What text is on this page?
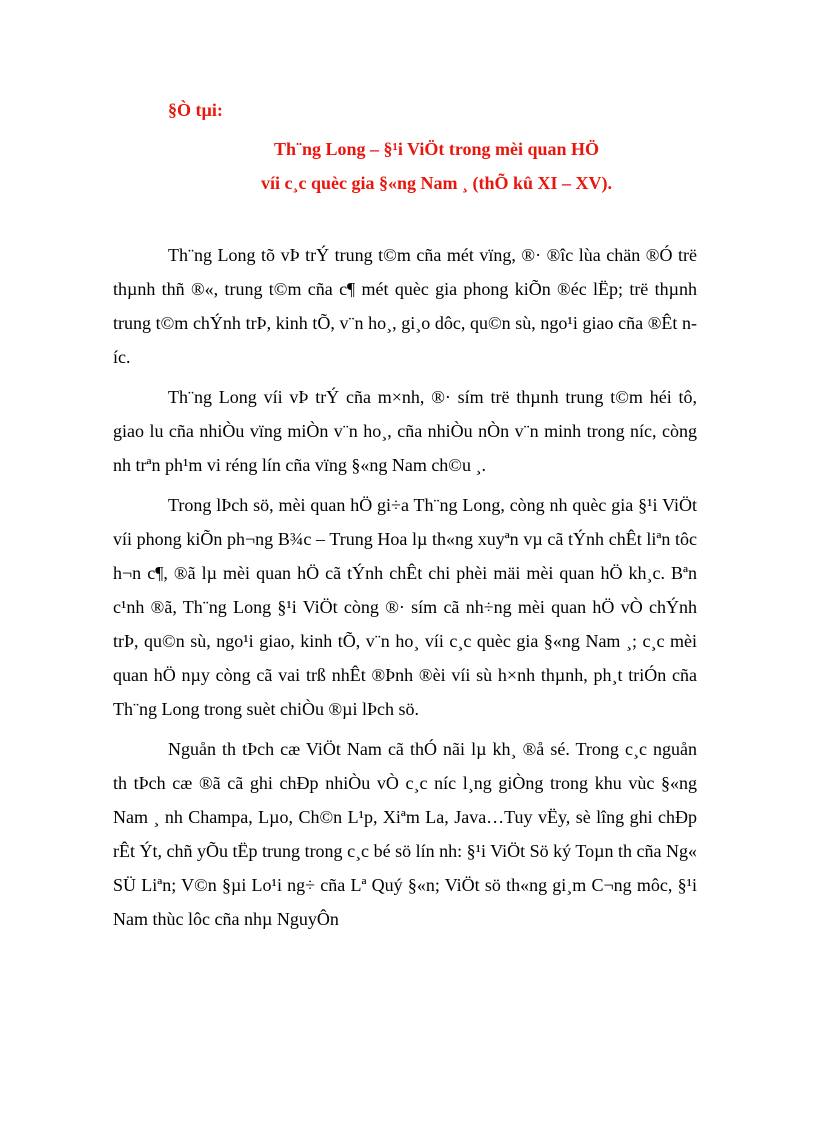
§Ò tµi:
Th¨ng Long – §¹i ViÖt trong mèi quan HÖ
víi c¸c quèc gia §«ng Nam ¸ (thÕ kû XI – XV).

Th¨ng Long tõ vÞ trÝ trung t©m cña mét vïng, ®· ®îc lùa chän ®Ó trë thµnh thñ ®«, trung t©m cña c¶ mét quèc gia phong kiÕn ®éc lËp; trë thµnh trung t©m chÝnh trÞ, kinh tÕ, v¨n ho¸, gi¸o dôc, qu©n sù, ngo¹i giao cña ®Êt níc.

Th¨ng Long víi vÞ trÝ cña m×nh, ®· sím trë thµnh trung t©m héi tô, giao lu cña nhiÒu vïng miÒn v¨n ho¸, cña nhiÒu nÒn v¨n minh trong níc, còng nh trªn ph¹m vi réng lín cña vïng §«ng Nam ch©u ¸.

Trong lÞch sö, mèi quan hÖ gi÷a Th¨ng Long, còng nh quèc gia §¹i ViÖt víi phong kiÕn ph¬ng B¾c – Trung Hoa lµ th«ng xuyªn vµ cã tÝnh chÊt liªn tôc h¬n c¶, ®ã lµ mèi quan hÖ cã tÝnh chÊt chi phèi mäi mèi quan hÖ kh¸c. Bªn c¹nh ®ã, Th¨ng Long §¹i ViÖt còng ®· sím cã nh÷ng mèi quan hÖ vÒ chÝnh trÞ, qu©n sù, ngo¹i giao, kinh tÕ, v¨n ho¸ víi c¸c quèc gia §«ng Nam ¸; c¸c mèi quan hÖ nµy còng cã vai trß nhÊt ®Þnh ®èi víi sù h×nh thµnh, ph¸t triÓn cña Th¨ng Long trong suèt chiÒu ®µi lÞch sö.

Nguån th tÞch cæ ViÖt Nam cã thÓ nãi lµ kh¸ ®å sé. Trong c¸c nguån th tÞch cæ ®ã cã ghi chÐp nhiÒu vÒ c¸c níc l¸ng giÒng trong khu vùc §«ng Nam ¸ nh Champa, Lµo, Ch©n L¹p, Xiªm La, Java…Tuy vËy, sè lîng ghi chÐp rÊt Ýt, chñ yÕu tËp trung trong c¸c bé sö lín nh: §¹i ViÖt Sö ký Toµn th cña Ng« SÜ Liªn; V©n §µi Lo¹i ng÷ cña Lª Quý §«n; ViÖt sö th«ng gi¸m C¬ng môc, §¹i Nam thùc lôc cña nhµ NguyÔn
